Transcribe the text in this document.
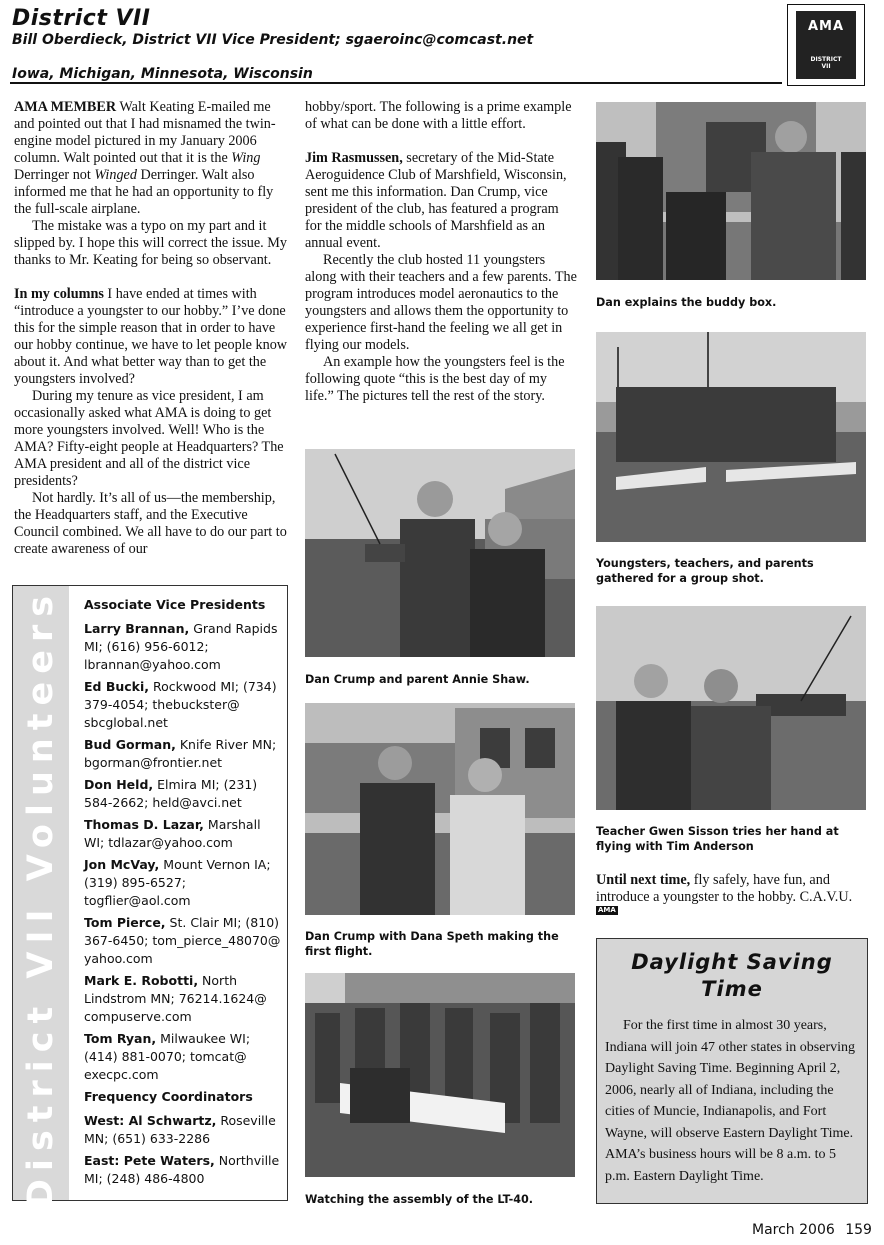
District VII
Bill Oberdieck, District VII Vice President; sgaeroinc@comcast.net
Iowa, Michigan, Minnesota, Wisconsin
AMA
DISTRICT
VII

AMA MEMBER Walt Keating E-mailed me and pointed out that I had misnamed the twin-engine model pictured in my January 2006 column. Walt pointed out that it is the Wing Derringer not Winged Derringer. Walt also informed me that he had an opportunity to fly the full-scale airplane.

The mistake was a typo on my part and it slipped by. I hope this will correct the issue. My thanks to Mr. Keating for being so observant.

In my columns I have ended at times with “introduce a youngster to our hobby.” I’ve done this for the simple reason that in order to have our hobby continue, we have to let people know about it. And what better way than to get the youngsters involved?

During my tenure as vice president, I am occasionally asked what AMA is doing to get more youngsters involved. Well! Who is the AMA? Fifty-eight people at Headquarters? The AMA president and all of the district vice presidents?

Not hardly. It’s all of us—the membership, the Headquarters staff, and the Executive Council combined. We all have to do our part to create awareness of our

hobby/sport. The following is a prime example of what can be done with a little effort.

Jim Rasmussen, secretary of the Mid-State Aeroguidence Club of Marshfield, Wisconsin, sent me this information. Dan Crump, vice president of the club, has featured a program for the middle schools of Marshfield as an annual event.

Recently the club hosted 11 youngsters along with their teachers and a few parents. The program introduces model aeronautics to the youngsters and allows them the opportunity to experience first-hand the feeling we all get in flying our models.

An example how the youngsters feel is the following quote “this is the best day of my life.” The pictures tell the rest of the story.

Dan Crump and parent Annie Shaw.
Dan Crump with Dana Speth making the first flight.
Watching the assembly of the LT-40.
Dan explains the buddy box.
Youngsters, teachers, and parents gathered for a group shot.
Teacher Gwen Sisson tries her hand at flying with Tim Anderson

Until next time, fly safely, have fun, and introduce a youngster to the hobby. C.A.V.U. AMA

District VII Volunteers Associate Vice Presidents
Larry Brannan, Grand Rapids MI; (616) 956-6012; lbrannan@yahoo.com
Ed Bucki, Rockwood MI; (734) 379-4054; thebuckster@ sbcglobal.net
Bud Gorman, Knife River MN; bgorman@frontier.net
Don Held, Elmira MI; (231) 584-2662; held@avci.net
Thomas D. Lazar, Marshall WI; tdlazar@yahoo.com
Jon McVay, Mount Vernon IA; (319) 895-6527; togflier@aol.com
Tom Pierce, St. Clair MI; (810) 367-6450; tom_pierce_48070@ yahoo.com
Mark E. Robotti, North Lindstrom MN; 76214.1624@ compuserve.com
Tom Ryan, Milwaukee WI; (414) 881-0070; tomcat@ execpc.com
Frequency Coordinators
West: Al Schwartz, Roseville MN; (651) 633-2286
East: Pete Waters, Northville MI; (248) 486-4800
Daylight Saving Time

For the first time in almost 30 years, Indiana will join 47 other states in observing Daylight Saving Time. Beginning April 2, 2006, nearly all of Indiana, including the cities of Muncie, Indianapolis, and Fort Wayne, will observe Eastern Daylight Time. AMA’s business hours will be 8 a.m. to 5 p.m. Eastern Daylight Time.

March 2006 159
